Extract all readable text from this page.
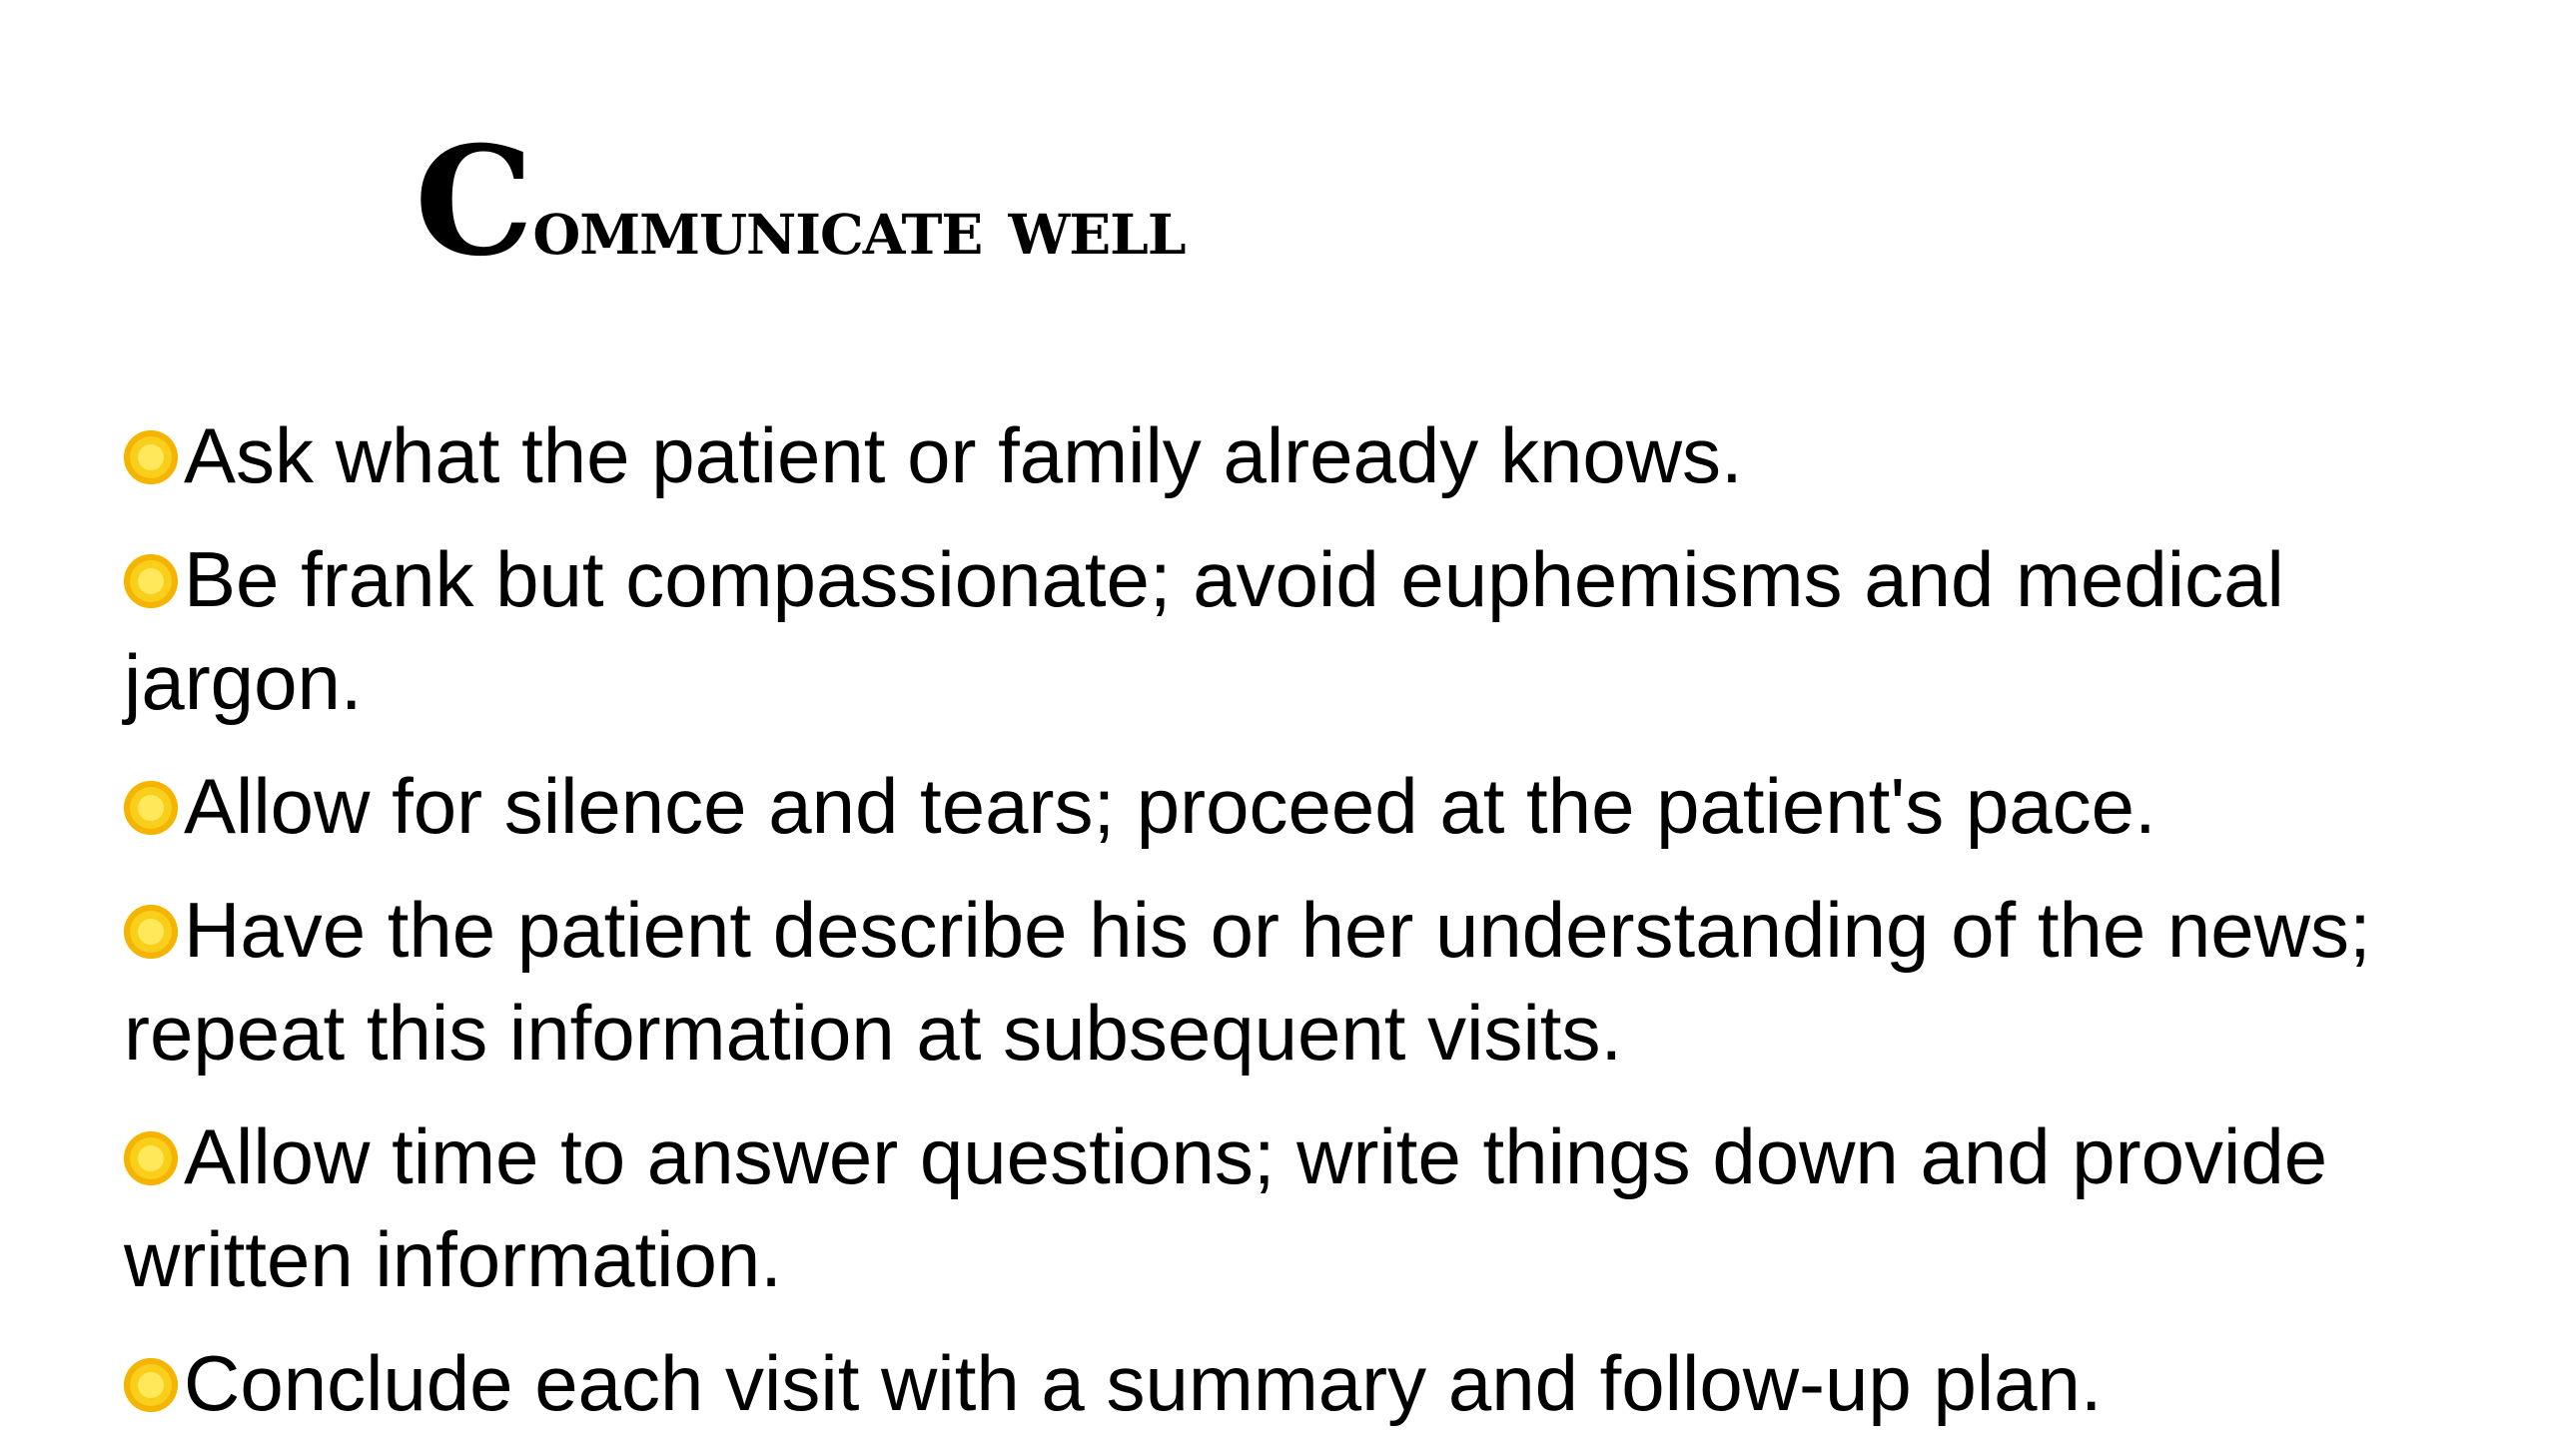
Communicate well
Ask what the patient or family already knows.
Be frank but compassionate; avoid euphemisms and medical jargon.
Allow for silence and tears; proceed at the patient's pace.
Have the patient describe his or her understanding of the news; repeat this information at subsequent visits.
Allow time to answer questions; write things down and provide written information.
Conclude each visit with a summary and follow-up plan.
